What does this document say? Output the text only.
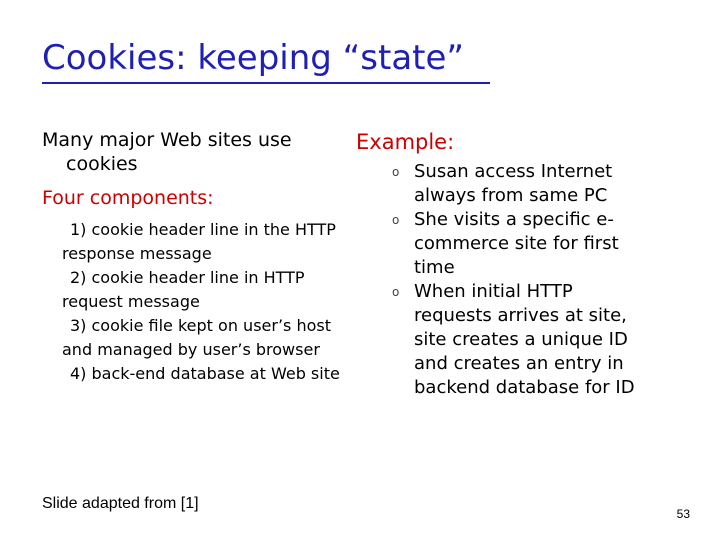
Cookies: keeping “state”
Many major Web sites use
cookies
Four components:
1) cookie header line in the HTTP response message
2) cookie header line in HTTP request message
3) cookie file kept on user’s host and managed by user’s browser
4) back-end database at Web site
Example:
o Susan access Internet always from same PC
o She visits a specific e-commerce site for first time
o When initial HTTP requests arrives at site, site creates a unique ID and creates an entry in backend database for ID
Slide adapted from [1]
53
